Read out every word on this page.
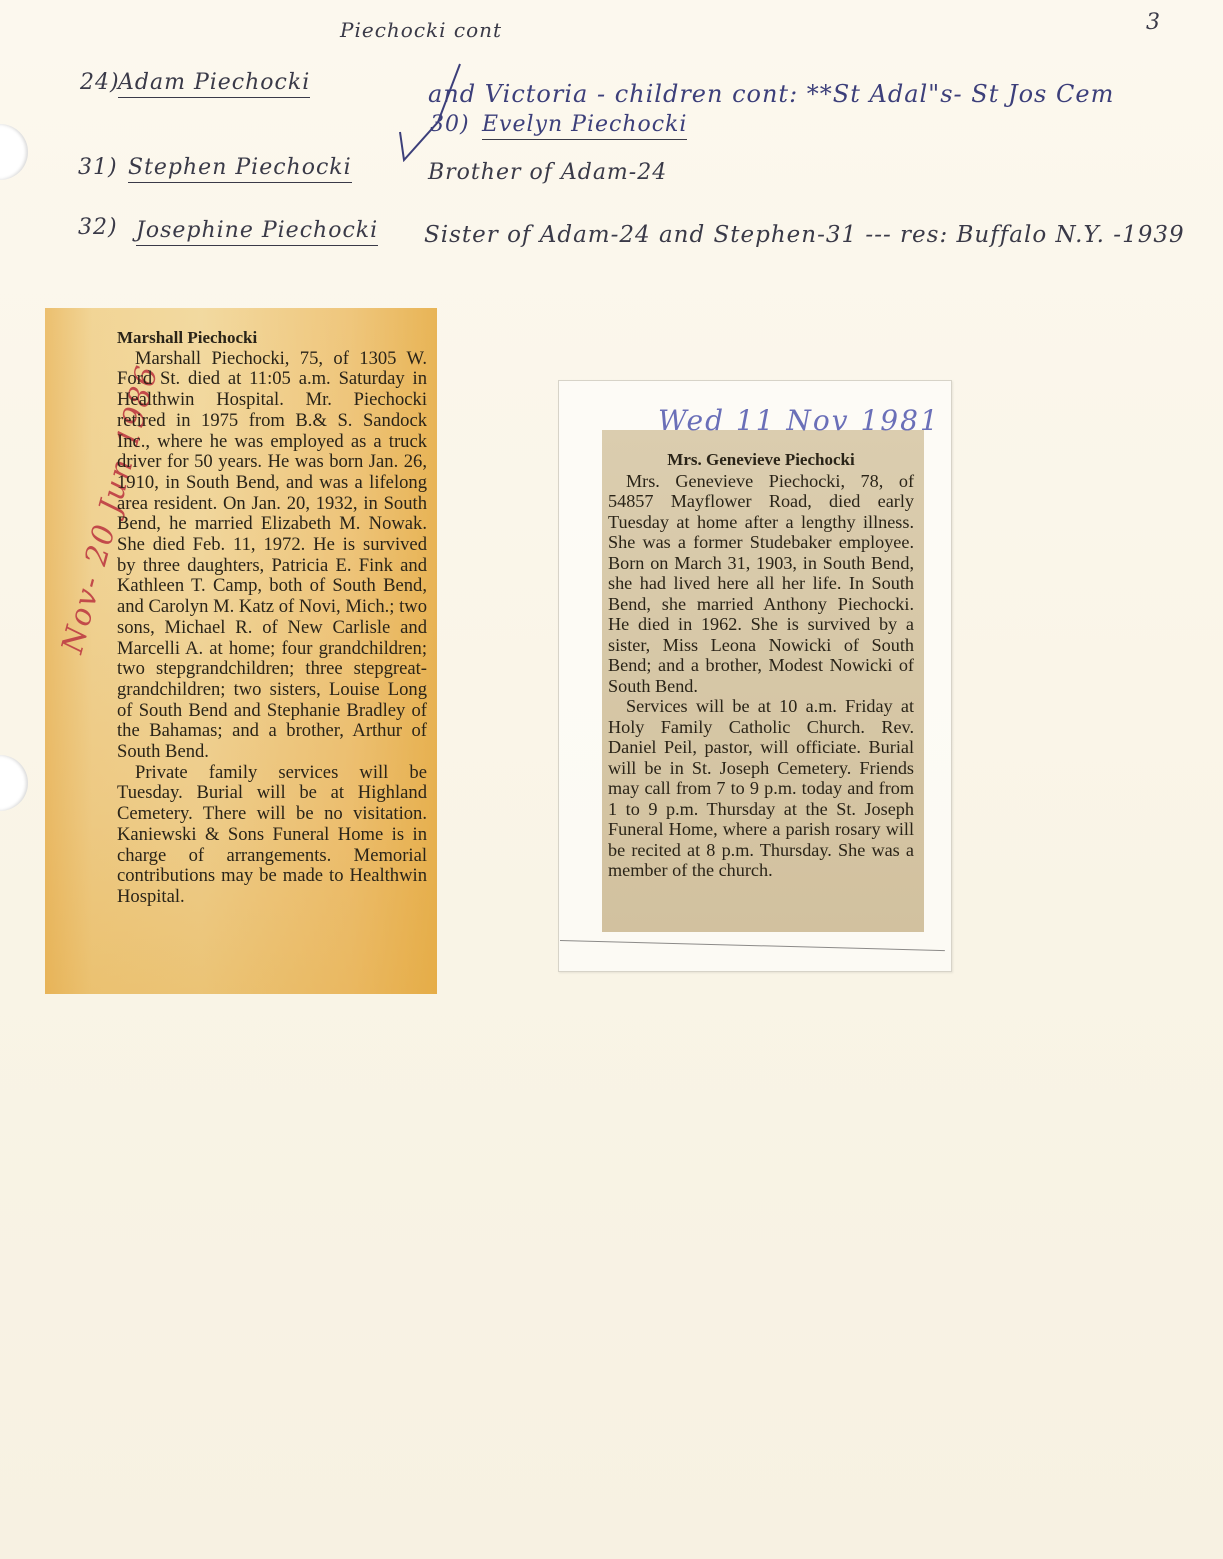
3
Piechocki cont
24)
Adam Piechocki	and Victoria - children cont: **St Adal"s- St Jos Cem
30) Evelyn Piechocki
31) Stephen Piechocki	Brother of Adam-24
32) Josephine Piechocki Sister of Adam-24 and Stephen-31 --- res: Buffalo N.Y. -1939
Nov- 20 Jun 1986
Marshall Piechocki

Marshall Piechocki, 75, of 1305 W. Ford St. died at 11:05 a.m. Saturday in Healthwin Hospital. Mr. Piechocki retired in 1975 from B.& S. Sandock Inc., where he was employed as a truck driver for 50 years. He was born Jan. 26, 1910, in South Bend, and was a lifelong area resident. On Jan. 20, 1932, in South Bend, he married Elizabeth M. Nowak. She died Feb. 11, 1972. He is survived by three daughters, Patricia E. Fink and Kathleen T. Camp, both of South Bend, and Carolyn M. Katz of Novi, Mich.; two sons, Michael R. of New Carlisle and Marcelli A. at home; four grandchildren; two stepgrandchildren; three stepgreat-grandchildren; two sisters, Louise Long of South Bend and Stephanie Bradley of the Bahamas; and a brother, Arthur of South Bend.

Private family services will be Tuesday. Burial will be at Highland Cemetery. There will be no visitation. Kaniewski & Sons Funeral Home is in charge of arrangements. Memorial contributions may be made to Healthwin Hospital.

Mrs. Genevieve Piechocki

Mrs. Genevieve Piechocki, 78, of 54857 Mayflower Road, died early Tuesday at home after a lengthy illness. She was a former Studebaker employee. Born on March 31, 1903, in South Bend, she had lived here all her life. In South Bend, she married Anthony Piechocki. He died in 1962. She is survived by a sister, Miss Leona Nowicki of South Bend; and a brother, Modest Nowicki of South Bend.

Services will be at 10 a.m. Friday at Holy Family Catholic Church. Rev. Daniel Peil, pastor, will officiate. Burial will be in St. Joseph Cemetery. Friends may call from 7 to 9 p.m. today and from 1 to 9 p.m. Thursday at the St. Joseph Funeral Home, where a parish rosary will be recited at 8 p.m. Thursday. She was a member of the church.

Wed 11 Nov 1981
